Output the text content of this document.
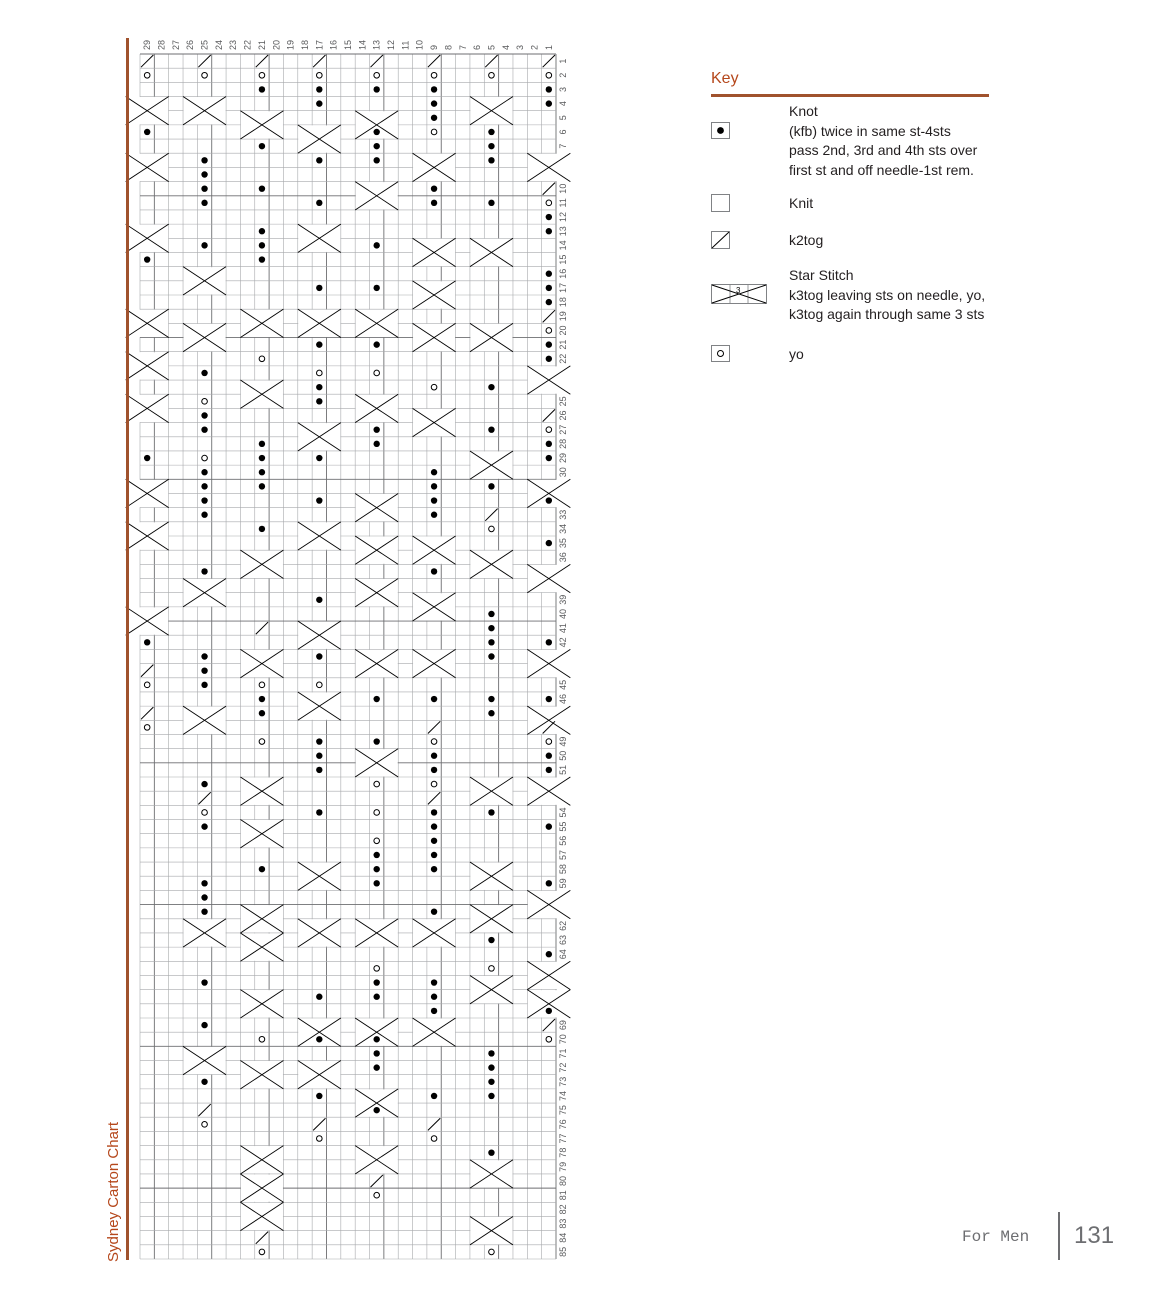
29 28 27 26 25 24 23 22 21 20 19 18 17 16 15 14 13 12 11 10 9 8 7 6 5 4 3 2 1
1
2
3
4
5
6
7
10
11
12
13
14
15
16
17
18
19
20
21
22
25
26
27
28
29
30
33
34
35
36
39
40
41
42
45
46
49
50
51
54
55
56
57
58
59
62
63
64
69
70
71
72
73
74
75
76
77
78
79
80
81
82
83
84
85
Sydney Carton Chart
Key
Knot
(kfb) twice in same st-4sts
pass 2nd, 3rd and 4th sts over
first st and off needle-1st rem.
Knit
k2tog
3
Star Stitch
k3tog leaving sts on needle, yo,
k3tog again through same 3 sts
yo
For Men 131
